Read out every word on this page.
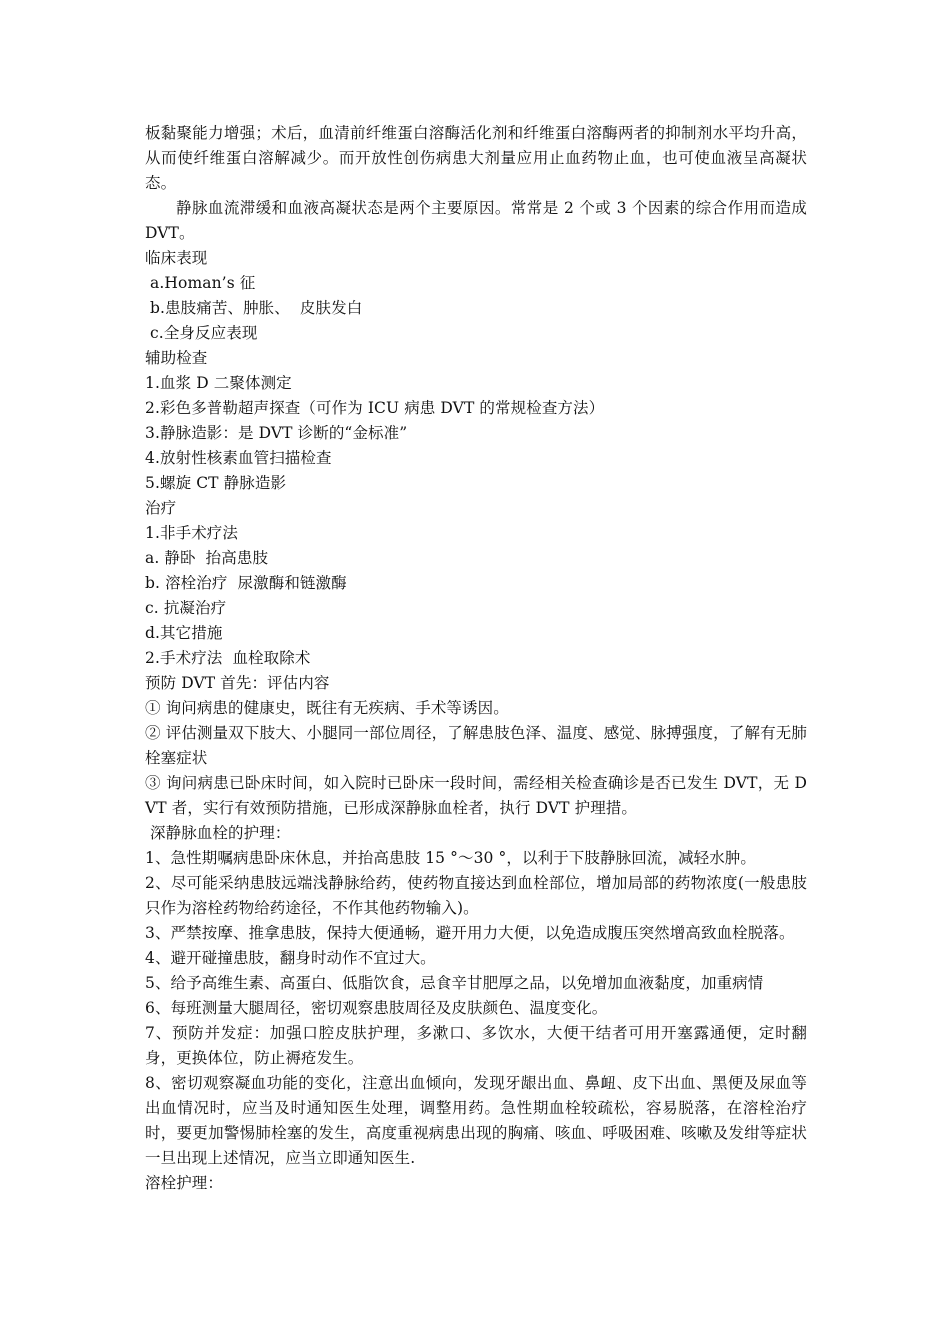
板黏聚能力增强；术后，血清前纤维蛋白溶酶活化剂和纤维蛋白溶酶两者的抑制剂水平均升高，从而使纤维蛋白溶解减少。而开放性创伤病患大剂量应用止血药物止血，也可使血液呈高凝状态。
静脉血流滞缓和血液高凝状态是两个主要原因。常常是 2 个或 3 个因素的综合作用而造成 DVT。
临床表现
a.Homan’s 征
b.患肢痛苦、肿胀、  皮肤发白
c.全身反应表现
辅助检查
1.血浆 D 二聚体测定
2.彩色多普勒超声探查（可作为 ICU 病患 DVT 的常规检查方法）
3.静脉造影：是 DVT 诊断的“金标准”
4.放射性核素血管扫描检查
5.螺旋 CT 静脉造影
治疗
1.非手术疗法
a. 静卧  抬高患肢
b. 溶栓治疗  尿激酶和链激酶
c. 抗凝治疗
d.其它措施
2.手术疗法  血栓取除术
预防 DVT 首先：评估内容
① 询问病患的健康史，既往有无疾病、手术等诱因。
② 评估测量双下肢大、小腿同一部位周径，了解患肢色泽、温度、感觉、脉搏强度，了解有无肺栓塞症状
③ 询问病患已卧床时间，如入院时已卧床一段时间，需经相关检查确诊是否已发生 DVT，无 DVT 者，实行有效预防措施，已形成深静脉血栓者，执行 DVT 护理措。
深静脉血栓的护理：
1、急性期嘱病患卧床休息，并抬高患肢 15 °～30 °，以利于下肢静脉回流，减轻水肿。
2、尽可能采纳患肢远端浅静脉给药，使药物直接达到血栓部位，增加局部的药物浓度(一般患肢只作为溶栓药物给药途径，不作其他药物输入)。
3、严禁按摩、推拿患肢，保持大便通畅，避开用力大便，以免造成腹压突然增高致血栓脱落。
4、避开碰撞患肢，翻身时动作不宜过大。
5、给予高维生素、高蛋白、低脂饮食，忌食辛甘肥厚之品，以免增加血液黏度，加重病情
6、每班测量大腿周径，密切观察患肢周径及皮肤颜色、温度变化。
7、预防并发症：加强口腔皮肤护理，多漱口、多饮水，大便干结者可用开塞露通便，定时翻身，更换体位，防止褥疮发生。
8、密切观察凝血功能的变化，注意出血倾向，发现牙龈出血、鼻衄、皮下出血、黑便及尿血等出血情况时，应当及时通知医生处理，调整用药。急性期血栓较疏松，容易脱落，在溶栓治疗时，要更加警惕肺栓塞的发生，高度重视病患出现的胸痛、咳血、呼吸困难、咳嗽及发绀等症状一旦出现上述情况，应当立即通知医生.
溶栓护理：
